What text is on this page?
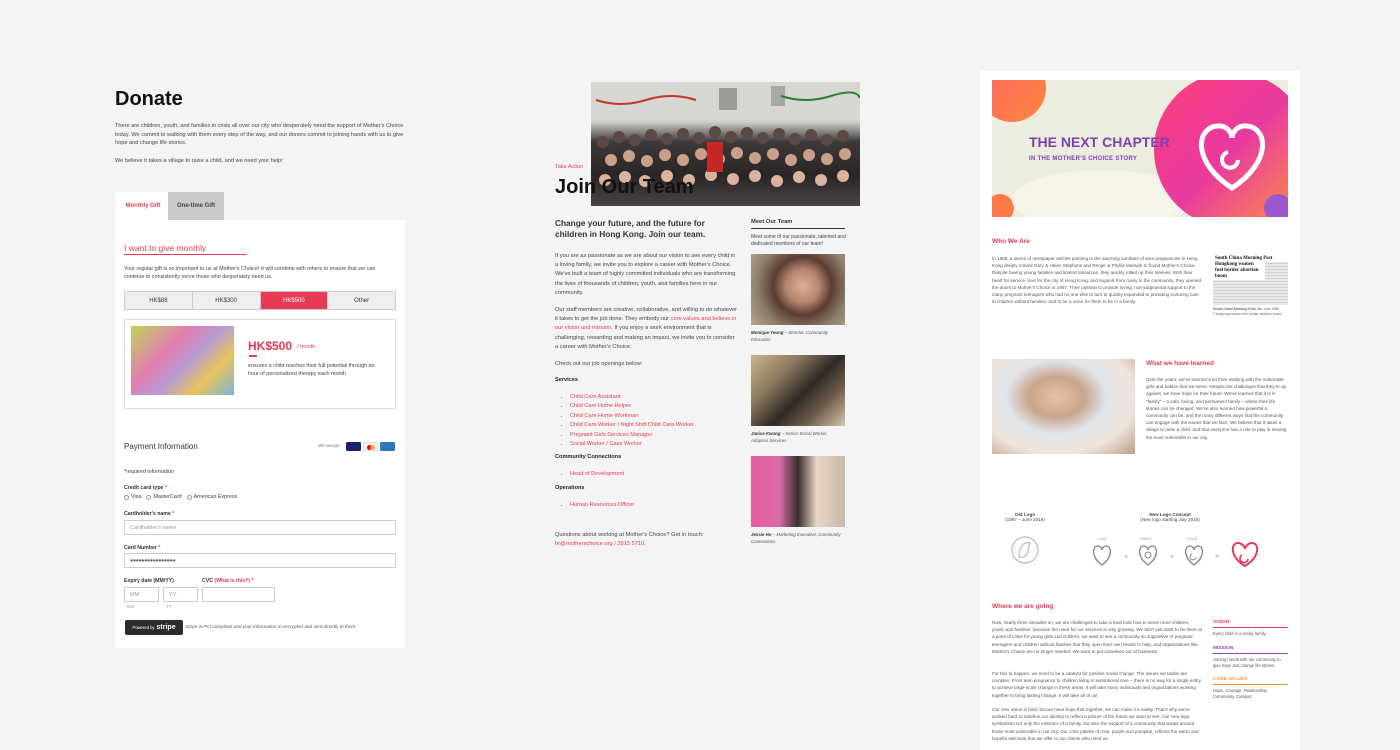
Donate
There are children, youth, and families in crisis all over our city who desperately need the support of Mother's Choice today. We commit to walking with them every step of the way, and our donors commit to joining hands with us to give hope and change life stories.
We believe it takes a village to raise a child, and we need your help!
Monthly Gift	One-time Gift
I want to give monthly
Your regular gift is so important to us at Mother's Choice! It will combine with others to ensure that we can continue to consistently serve those who desperately need us.
HK$88	HK$300	HK$500	Other
HK$500 / month
ensures a child reaches their full potential through an hour of personalized therapy each month
Payment Information	We accept
*required information
Credit card type *
Visa MasterCard American Express
Cardholder's name *
Cardholder's name
Card Number *
●●●●●●●●●●●●●●●●
Expiry date (MM/YY)	CVC (What is this?) *
MM	YY
MM	YY
Powered by stripe Stripe is PCI compliant and your information is encrypted and sent directly to them.
Take Action
Join Our Team
Change your future, and the future for children in Hong Kong. Join our team.
If you are as passionate as we are about our vision to see every child in a loving family, we invite you to explore a career with Mother's Choice. We've built a team of highly committed individuals who are transforming the lives of thousands of children, youth, and families here in our community.
Our staff members are creative, collaborative, and willing to do whatever it takes to get the job done. They embody our core values and believe in our vision and mission. If you enjoy a work environment that is challenging, rewarding and making an impact, we invite you to consider a career with Mother's Choice.
Check out our job openings below:
Services
• Child Care Assistant
• Child Care Home Helper
• Child Care Home Workman
• Child Care Worker / Night Shift Child Care Worker
• Pregnant Girls Services Manager
• Social Worker / Case Worker
Community Connections
• Head of Development
Operations
• Human Resources Officer
Questions about working at Mother's Choice? Get in touch:
hr@motherschoice.org / 3915 5710.
Meet Our Team
Meet some of our passionate, talented and dedicated members of our team!
Monique Yeung – Director, Community Education
Janice Kwong – Senior Social Worker, Adoption Services
Jessie Ho – Marketing Executive, Community Connections
THE NEXT CHAPTER
IN THE MOTHER'S CHOICE STORY
Who We Are
In 1986, a series of newspaper articles pointing to the alarming numbers of teen pregnancies in Hong Kong deeply moved Gary & Helen Stephens and Renjer & Phyllis Marwah to found Mother's Choice. Despite having young families and limited resources, they quickly rolled up their sleeves. With their heart for service, love for the city of Hong Kong, and support from many in the community, they opened the doors to Mother's Choice in 1987. Their passion to provide loving, non-judgmental support to the many pregnant teenagers who had no one else to turn to quickly expanded to providing nurturing care to children without families, and to be a voice for them to be in a family.
South China Morning Post
Hongkong women fuel border abortion boom
South China Morning Post, 8th June 1986 "Hongkong women fuel border abortion boom"
What we have learned
Over the years, we've learned a lot from working with the vulnerable girls and babies that we serve. Despite the challenges that they're up against, we have hope for their future. We've learned that it is in "family" – a safe, loving, and permanent family – where their life stories can be changed. We've also learned how powerful a community can be, and the many different ways that the community can engage with the issues that we face. We believe that it takes a village to raise a child, and that everyone has a role to play in serving the most vulnerable in our city.
Old Logo
(1987 – June 2016)
New Logo Concept
(New logo starting July 2016)
LOVE	FAMILY	CHILD
+	+	=
Where we are going
Now, nearly three decades on, we are challenged to take a hard look how to serve more children, youth, and families, because the need for our services is only growing. We don't just want to be there at a point of crisis for young girls and children, we want to see a community so supportive of pregnant teenagers and children without families that they open their own hearts to help, and organizations like Mother's Choice are no longer needed. We want to put ourselves out of business!
For this to happen, we need to be a catalyst for positive social change. The issues we tackle are complex. From teen pregnancy to children living in institutional care – there is no way for a single entity to achieve large-scale change in these areas. It will take many individuals and organizations working together to bring lasting change. It will take all of us!
Our new vision is bold, but we have hope that together, we can make it a reality. That's why we've worked hard to redefine our identity to reflect a picture of the future we want to see. Our new logo symbolizes not only the embrace of a family, but also the support of a community that wraps around those most vulnerable in our city. Our color palette of rose, purple and pumpkin, reflects the warm and hopeful welcome that we offer to our clients who need us.
VISION
Every child in a loving family
MISSION
Joining hands with our community to give hope and change life stories.
CORE VALUES
Hope, Courage, Relationship, Community, Catalyst.
